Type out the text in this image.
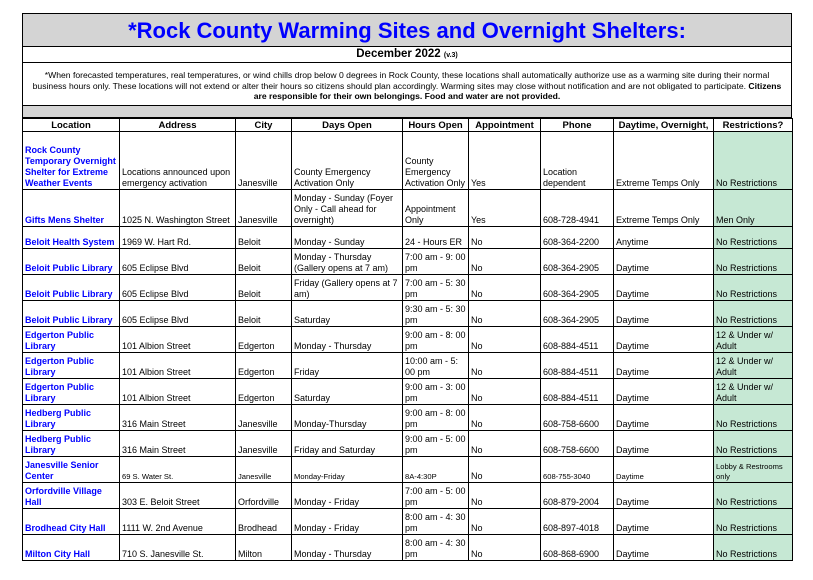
*Rock County Warming Sites and Overnight Shelters:
December 2022 (v.3)
*When forecasted temperatures, real temperatures, or wind chills drop below 0 degrees in Rock County, these locations shall automatically authorize use as a warming site during their normal business hours only. These locations will not extend or alter their hours so citizens should plan accordingly. Warming sites may close without notification and are not obligated to participate. Citizens are responsible for their own belongings. Food and water are not provided.
Location	Address	City	Days Open	Hours Open	Appointment	Phone	Daytime, Overnight,	Restrictions?
Rock County Temporary Overnight Shelter for Extreme Weather Events	Locations announced upon emergency activation	Janesville	County Emergency Activation Only	County Emergency Activation Only	Yes	Location dependent	Extreme Temps Only	No Restrictions
Gifts Mens Shelter	1025 N. Washington Street	Janesville	Monday - Sunday (Foyer Only - Call ahead for overnight)	Appointment Only	Yes	608-728-4941	Extreme Temps Only	Men Only
Beloit Health System	1969 W. Hart Rd.	Beloit	Monday - Sunday	24 - Hours ER	No	608-364-2200	Anytime	No Restrictions
Beloit Public Library	605 Eclipse Blvd	Beloit	Monday - Thursday (Gallery opens at 7 am)	7:00 am - 9: 00 pm	No	608-364-2905	Daytime	No Restrictions
Beloit Public Library	605 Eclipse Blvd	Beloit	Friday (Gallery opens at 7 am)	7:00 am - 5: 30 pm	No	608-364-2905	Daytime	No Restrictions
Beloit Public Library	605 Eclipse Blvd	Beloit	Saturday	9:30 am - 5: 30 pm	No	608-364-2905	Daytime	No Restrictions
Edgerton Public Library	101 Albion Street	Edgerton	Monday - Thursday	9:00 am - 8: 00 pm	No	608-884-4511	Daytime	12 & Under w/ Adult
Edgerton Public Library	101 Albion Street	Edgerton	Friday	10:00 am - 5: 00 pm	No	608-884-4511	Daytime	12 & Under w/ Adult
Edgerton Public Library	101 Albion Street	Edgerton	Saturday	9:00 am - 3: 00 pm	No	608-884-4511	Daytime	12 & Under w/ Adult
Hedberg Public Library	316 Main Street	Janesville	Monday-Thursday	9:00 am - 8: 00 pm	No	608-758-6600	Daytime	No Restrictions
Hedberg Public Library	316 Main Street	Janesville	Friday and Saturday	9:00 am - 5: 00 pm	No	608-758-6600	Daytime	No Restrictions
Janesville Senior Center	69 S. Water St.	Janesville	Monday-Friday	8A-4:30P	No	608-755-3040	Daytime	Lobby & Restrooms only
Orfordville Village Hall	303 E. Beloit Street	Orfordville	Monday - Friday	7:00 am - 5: 00 pm	No	608-879-2004	Daytime	No Restrictions
Brodhead City Hall	1111 W. 2nd Avenue	Brodhead	Monday - Friday	8:00 am - 4: 30 pm	No	608-897-4018	Daytime	No Restrictions
Milton City Hall	710 S. Janesville St.	Milton	Monday - Thursday	8:00 am - 4: 30 pm	No	608-868-6900	Daytime	No Restrictions
